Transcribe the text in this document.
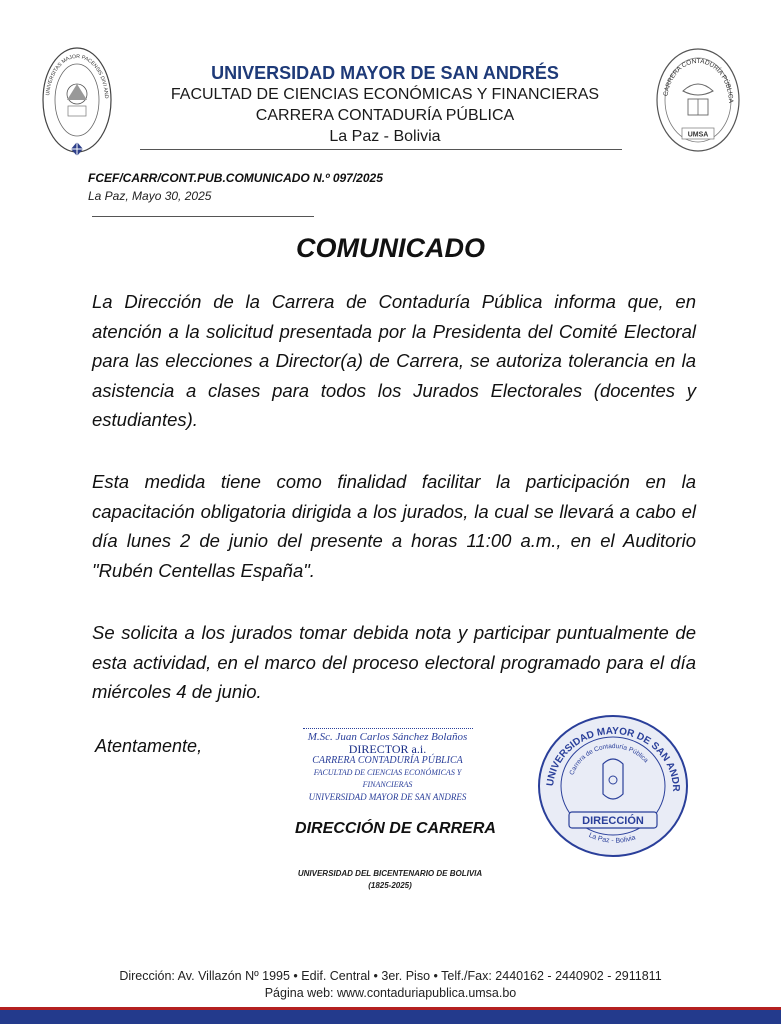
UNIVERSITAS MAJOR PACENSIS DIVI AND
UNIVERSIDAD MAYOR DE SAN ANDRÉS
FACULTAD DE CIENCIAS ECONÓMICAS Y FINANCIERAS
CARRERA CONTADURÍA PÚBLICA
La Paz - Bolivia
CARRERA CONTADURÍA PÚBLICA
UMSA
FCEF/CARR/CONT.PUB.COMUNICADO N.º 097/2025
La Paz, Mayo 30, 2025
COMUNICADO
La Dirección de la Carrera de Contaduría Pública informa que, en atención a la solicitud presentada por la Presidenta del Comité Electoral para las elecciones a Director(a) de Carrera, se autoriza tolerancia en la asistencia a clases para todos los Jurados Electorales (docentes y estudiantes).
Esta medida tiene como finalidad facilitar la participación en la capacitación obligatoria dirigida a los jurados, la cual se llevará a cabo el día lunes 2 de junio del presente a horas 11:00 a.m., en el Auditorio "Rubén Centellas España".
Se solicita a los jurados tomar debida nota y participar puntualmente de esta actividad, en el marco del proceso electoral programado para el día miércoles 4 de junio.
Atentamente,	M.Sc. Juan Carlos Sánchez Bolaños
DIRECTOR a.i.
CARRERA CONTADURÍA PÚBLICA
FACULTAD DE CIENCIAS ECONÓMICAS Y FINANCIERAS
UNIVERSIDAD MAYOR DE SAN ANDRES
UNIVERSIDAD MAYOR DE SAN ANDR
Carrera de Contaduría Pública
DIRECCIÓN
La Paz - Bolivia
DIRECCIÓN DE CARRERA
UNIVERSIDAD DEL BICENTENARIO DE BOLIVIA
(1825-2025)
Dirección: Av. Villazón Nº 1995 • Edif. Central • 3er. Piso • Telf./Fax: 2440162 - 2440902 - 2911811
Página web: www.contaduriapublica.umsa.bo
